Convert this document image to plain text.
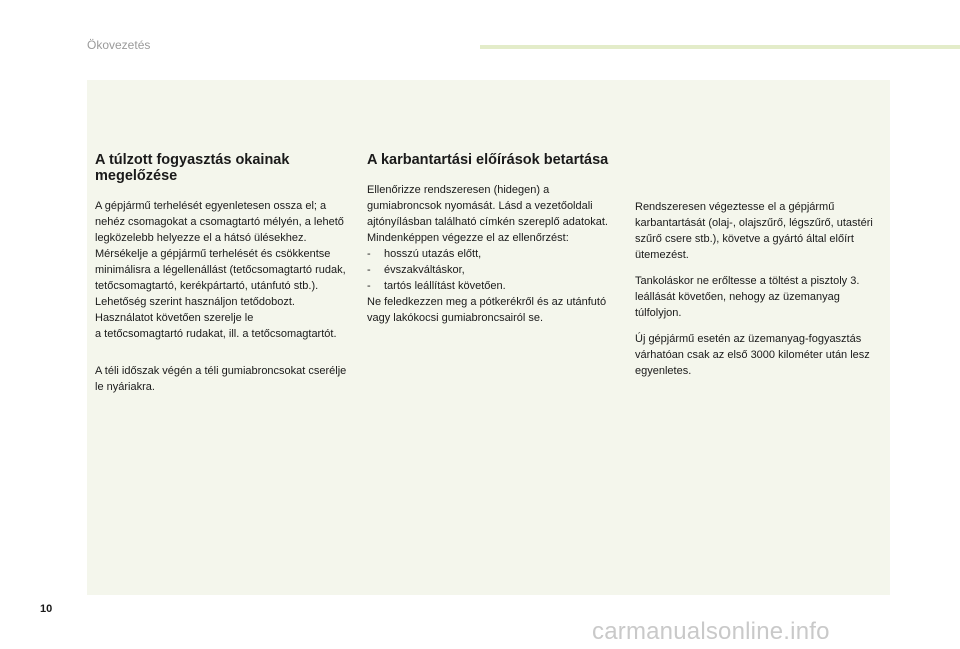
Ökovezetés
A túlzott fogyasztás okainak megelőzése

A gépjármű terhelését egyenletesen ossza el; a nehéz csomagokat a csomagtartó mélyén, a lehető legközelebb helyezze el a hátsó ülésekhez.

Mérsékelje a gépjármű terhelését és csökkentse minimálisra a légellenállást (tetőcsomagtartó rudak, tetőcsomagtartó, kerékpártartó, utánfutó stb.). Lehetőség szerint használjon tetődobozt.

Használatot követően szerelje le

a tetőcsomagtartó rudakat, ill. a tetőcsomagtartót.

A téli időszak végén a téli gumiabroncsokat cserélje le nyáriakra.

A karbantartási előírások betartása

Ellenőrizze rendszeresen (hidegen) a gumiabroncsok nyomását. Lásd a vezetőoldali ajtónyílásban található címkén szereplő adatokat.

Mindenképpen végezze el az ellenőrzést:

-	hosszú utazás előtt,
-	évszakváltáskor,
-	tartós leállítást követően.

Ne feledkezzen meg a pótkerékről és az utánfutó vagy lakókocsi gumiabroncsairól se.

Rendszeresen végeztesse el a gépjármű karbantartását (olaj-, olajszűrő, légszűrő, utastéri szűrő csere stb.), követve a gyártó által előírt ütemezést.

Tankoláskor ne erőltesse a töltést a pisztoly 3. leállását követően, nehogy az üzemanyag túlfolyjon.

Új gépjármű esetén az üzemanyag-fogyasztás várhatóan csak az első 3000 kilométer után lesz egyenletes.

10
carmanualsonline.info
